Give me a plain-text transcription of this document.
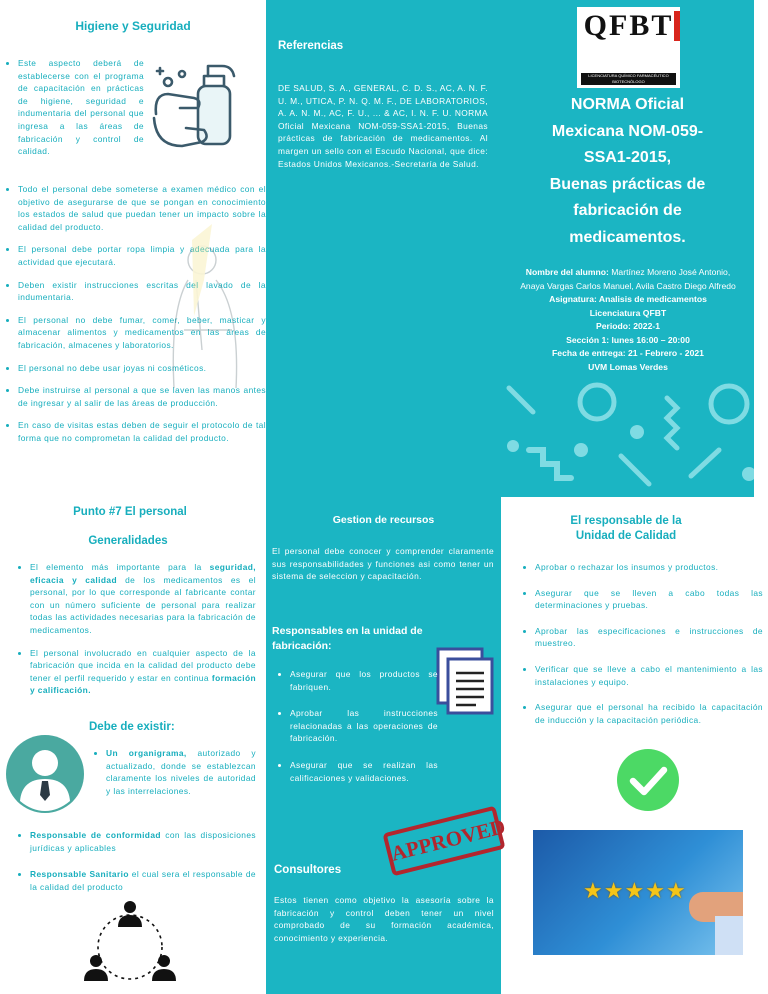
Higiene y Seguridad
• Este aspecto deberá de establecerse con el programa de capacitación en prácticas de higiene, seguridad e indumentaria del personal que ingresa a las áreas de fabricación y control de calidad.
• Todo el personal debe someterse a examen médico con el objetivo de asegurarse de que se pongan en conocimiento los estados de salud que puedan tener un impacto sobre la calidad del producto.
• El personal debe portar ropa limpia y adecuada para la actividad que ejecutará.
• Deben existir instrucciones escritas del lavado de la indumentaria.
• El personal no debe fumar, comer, beber, masticar y almacenar alimentos y medicamentos en las áreas de fabricación, almacenes y laboratorios.
• El personal no debe usar joyas ni cosméticos.
• Debe instruirse al personal a que se laven las manos antes de ingresar y al salir de las áreas de producción.
• En caso de visitas estas deben de seguir el protocolo de tal forma que no comprometan la calidad del producto.
Referencias
DE SALUD, S. A., GENERAL, C. D. S., AC, A. N. F. U. M., UTICA, P. N. Q. M. F., DE LABORATORIOS, A. A. N. M., AC, F. U., ... & AC, I. N. F. U. NORMA Oficial Mexicana NOM-059-SSA1-2015, Buenas prácticas de fabricación de medicamentos. Al margen un sello con el Escudo Nacional, que dice: Estados Unidos Mexicanos.-Secretaría de Salud.
QFBT
LICENCIATURA QUÍMICO FARMACÉUTICO BIOTECNÓLOGO
NORMA Oficial
Mexicana NOM-059-
SSA1-2015,
Buenas prácticas de
fabricación de
medicamentos.
Nombre del alumno: Martínez Moreno José Antonio, Anaya Vargas Carlos Manuel, Avila Castro Diego Alfredo
Asignatura: Analisis de medicamentos
Licenciatura QFBT
Periodo: 2022-1
Sección 1: lunes 16:00 – 20:00
Fecha de entrega: 21 - Febrero - 2021
UVM Lomas Verdes
Punto #7 El personal
Generalidades
• El elemento más importante para la seguridad, eficacia y calidad de los medicamentos es el personal, por lo que corresponde al fabricante contar con un número suficiente de personal para realizar todas las actividades necesarias para la fabricación de medicamentos.
• El personal involucrado en cualquier aspecto de la fabricación que incida en la calidad del producto debe tener el perfil requerido y estar en continua formación y calificación.
Debe de existir:
• Un organigrama, autorizado y actualizado, donde se establezcan claramente los niveles de autoridad y las interrelaciones.
• Responsable de conformidad con las disposiciones jurídicas y aplicables
• Responsable Sanitario el cual sera el responsable de la calidad del producto
Gestion de recursos
El personal debe conocer y comprender claramente sus responsabilidades y funciones asi como tener un sistema de seleccion y capacitación.
Responsables en la unidad de fabricación:
• Asegurar que los productos se fabriquen.
• Aprobar las instrucciones relacionadas a las operaciones de fabricación.
• Asegurar que se realizan las calificaciones y validaciones.
APPROVED
Consultores
Estos tienen como objetivo la asesoría sobre la fabricación y control deben tener un nivel comprobado de su formación académica, conocimiento y experiencia.
El responsable de la Unidad de Calidad
• Aprobar o rechazar los insumos y productos.
• Asegurar que se lleven a cabo todas las determinaciones y pruebas.
• Aprobar las especificaciones e instrucciones de muestreo.
• Verificar que se lleve a cabo el mantenimiento a las instalaciones y equipo.
• Asegurar que el personal ha recibido la capacitación de inducción y la capacitación periódica.
★★★★★
